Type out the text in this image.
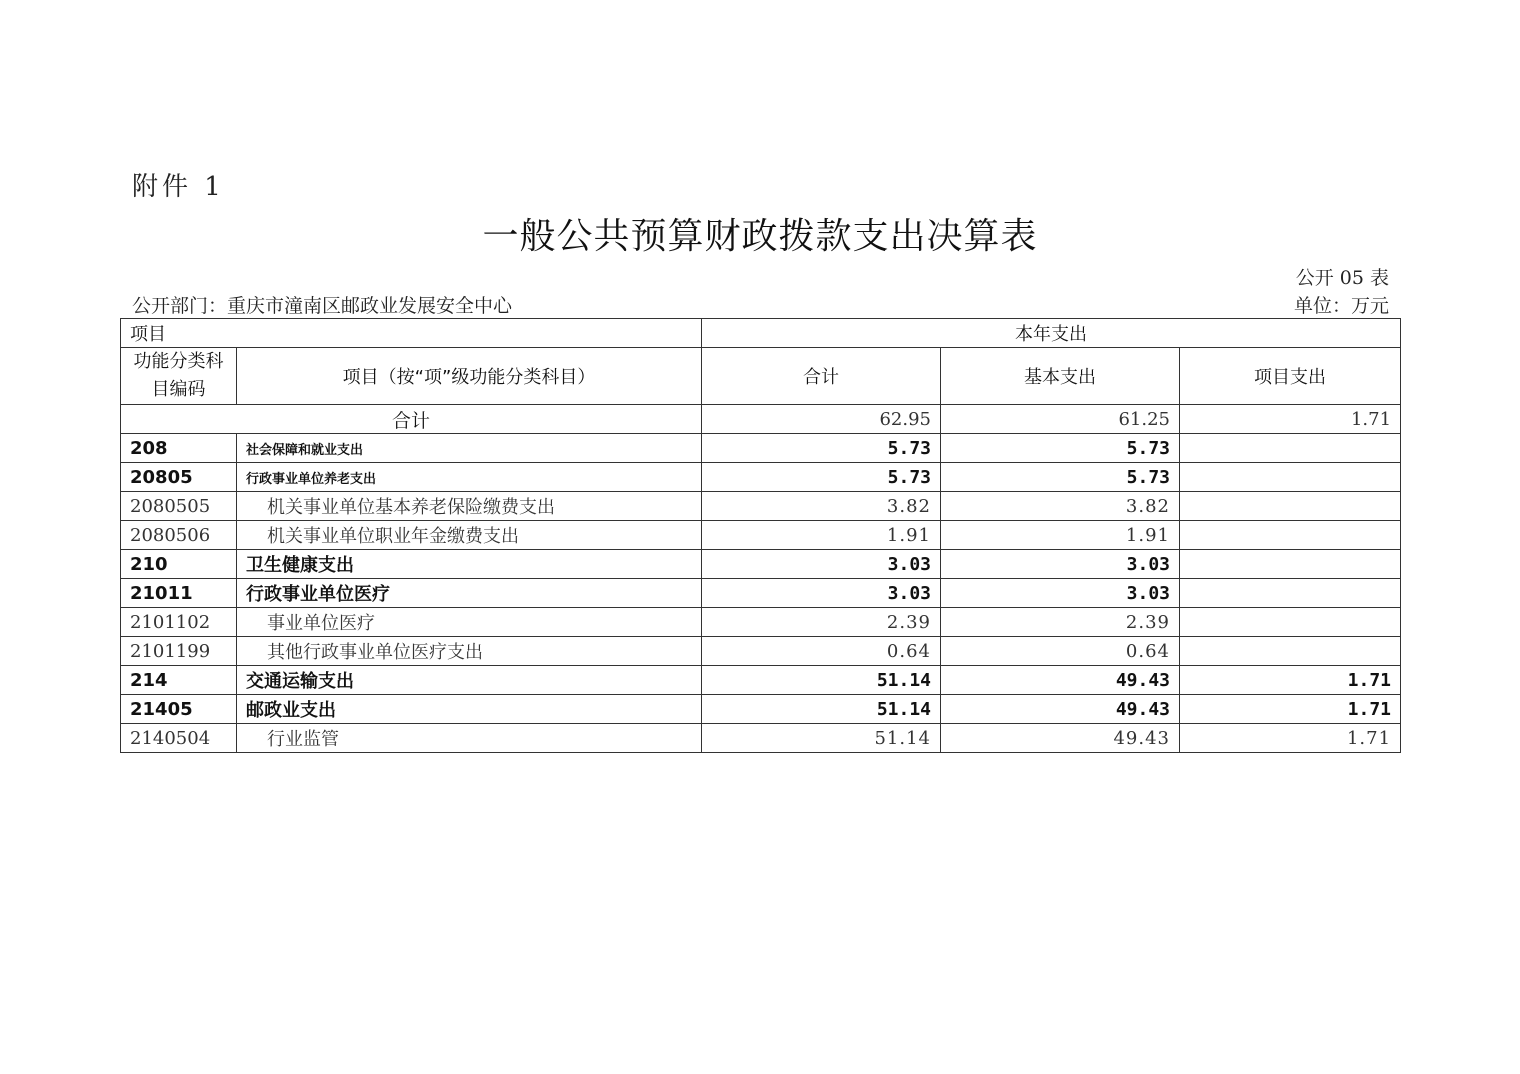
附件 1
一般公共预算财政拨款支出决算表
公开 05 表
公开部门：重庆市潼南区邮政业发展安全中心	单位：万元
项目		本年支出		
功能分类科目编码	项目（按“项”级功能分类科目）	合计	基本支出	项目支出
合计		62.95	61.25	1.71
208	社会保障和就业支出	5.73	5.73	
20805	行政事业单位养老支出	5.73	5.73	
2080505	机关事业单位基本养老保险缴费支出	3.82	3.82	
2080506	机关事业单位职业年金缴费支出	1.91	1.91	
210	卫生健康支出	3.03	3.03	
21011	行政事业单位医疗	3.03	3.03	
2101102	事业单位医疗	2.39	2.39	
2101199	其他行政事业单位医疗支出	0.64	0.64	
214	交通运输支出	51.14	49.43	1.71
21405	邮政业支出	51.14	49.43	1.71
2140504	行业监管	51.14	49.43	1.71
